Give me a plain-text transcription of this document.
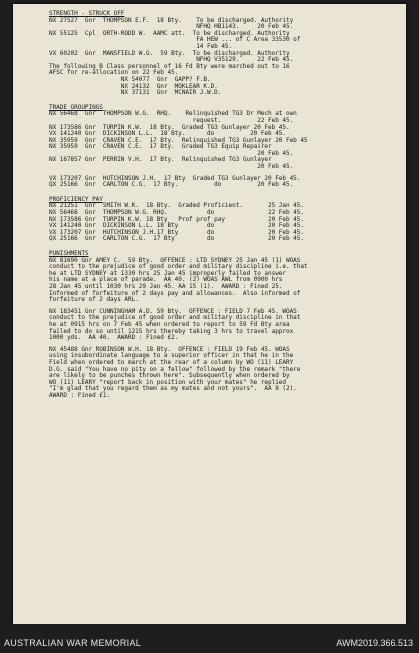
STRENGTH - STRUCK OFF
NX 27527  Gnr  THOMPSON E.F.  18 Bty.    To be discharged. Authority
NFHQ HB1143.     20 Feb 45.
NX 55125  Cpl  ORTH-RODD W.  AAMC att.  To be discharged. Authority
FA HEW ... of C Area 33530 of
14 Feb 45.
VX 60202  Gnr  MANSFIELD W.G.  59 Bty.  To be discharged. Authority
NFHQ V35129.     22 Feb 45.
The following B Class personnel of 16 Fd Bty were marched out to 16
AFSC for re-allocation on 22 Feb 45.
NX 54077  Gnr  GAPP? F.B.
NX 24132  Gnr  MOKLEAR K.D.
NX 37131  Gnr  MCNAIR J.W.D.
TRADE GROUPINGS
NX 56468  Gnr  THOMPSON W.G.  RHQ.    Relinquished TG3 Dr Mech at own
request.          22 Feb 45.
NX 173586 Gnr  TURPIN K.W.  18 Bty.  Graded TG3 Gunlayer 20 Feb 45.
VX 141240 Gnr  DICKINSON L.L.  18 Bty.      do          20 Feb 45.
NX 35959  Gnr  CRAVEN C.E.  17 Bty.  Relinquished TG3 Gunlayer 20 Feb 45
NX 35959  Gnr  CRAVEN C.E.  17 Bty.  Graded TG3 Equip Repairer
20 Feb 45.
NX 167857 Gnr  PERRIN V.H.  17 Bty.  Relinquished TG3 Gunlayer
20 Feb 45.
VX 173207 Gnr  HUTCHINSON J.H.  17 Bty  Graded TG3 Gunlayer 20 Feb 45.
QX 25166  Gnr  CARLTON C.G.  17 Bty.          do          20 Feb 45.
PROFICIENCY PAY
NX 21251  Gnr  SMITH W.K.  18 Bty.  Graded Proficient.       25 Jan 45.
NX 56468  Gnr  THOMPSON W.G. RHQ.           do               22 Feb 45.
NX 173586 Gnr  TURPIN K.W. 18 Bty   Prof prof pay            20 Feb 45.
VX 141240 Gnr  DICKINSON L.L. 18 Bty        do               20 Feb 45.
VX 173207 Gnr  HUTCHINSON J.H.17 Bty        do               20 Feb 45.
QX 25166  Gnr  CARLTON C.G.  17 Bty         do               20 Feb 45.
PUNISHMENTS
NX 81690 Gnr AMEY C.  59 Bty.  OFFENCE : LTD SYDNEY 25 Jan 45 (1) WOAS
conduct to the prejudice of good order and military discipline i.e. that
he at LTD SYDNEY at 1330 hrs 25 Jan 45 improperly failed to answer
his name at a place of parade.  AA 40. (2) WOAS AWL from 0900 hrs
28 Jan 45 until 1030 hrs 29 Jan 45. AA 15 (1).  AWARD : Fined 25.
Informed of forfeiture of 2 days pay and allowances.  Also informed of
forfeiture of 2 days ARL.
NX 183451 Gnr CUNNINGHAM A.D. 59 Bty.  OFFENCE : FIELD 7 Feb 45. WOAS
conduct to the prejudice of good order and military discipline in that
he at 0915 hrs on 7 Feb 45 when ordered to report to 59 Fd Bty area
failed to do so until 1215 hrs thereby taking 3 hrs to travel approx
1000 yds.  AA 40.  AWARD : Fined £2.
NX 45488 Gnr ROBINSON W.H. 18 Bty.  OFFENCE : FIELD 19 Feb 45. WOAS
using insubordinate language to a superior officer in that he in the
Field when ordered to march at the rear of a column by WO (11) LEARY
D.G. said "You have no pity on a fellow" followed by the remark "there
are likely to be punches thrown here". Subsequently when ordered by
WO (11) LEARY "report back in position with your mates" he replied
"I'm glad that you regard them as my mates and not yours".  AA 8 (2).
AWARD : Fined £1.
AUSTRALIAN WAR MEMORIAL	AWM2019.366.513
